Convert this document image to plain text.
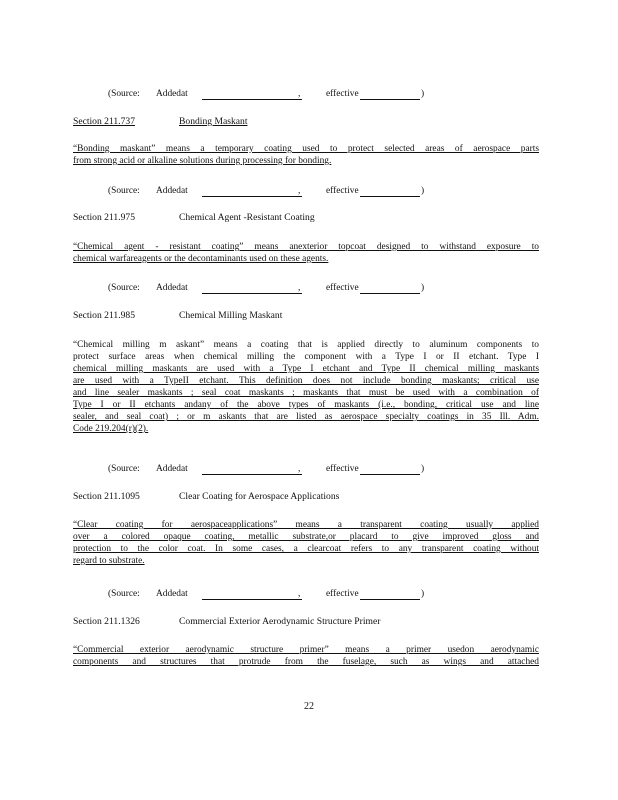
(Source: Addedat	,	effective	)
Section 211.737	Bonding Maskant
“Bonding maskant” means a temporary coating used to protect selected areas of aerospace parts
from strong acid or alkaline solutions during processing for bonding.
(Source: Addedat	,	effective	)
Section 211.975	Chemical Agent -Resistant Coating
“Chemical agent - resistant coating” means anexterior topcoat designed to withstand exposure to
chemical warfareagents or the decontaminants used on these agents.
(Source: Addedat	,	effective	)
Section 211.985	Chemical Milling Maskant
“Chemical milling m askant” means a coating that is applied directly to aluminum components to
protect surface areas when chemical milling the component with a Type I or II etchant. Type I
chemical milling maskants are used with a Type I etchant and Type II chemical milling maskants
are used with a TypeII etchant. This definition does not include bonding maskants; critical use
and line sealer maskants ; seal coat maskants ; maskants that must be used with a combination of
Type I or II etchants andany of the above types of maskants (i.e., bonding, critical use and line
sealer, and seal coat) ; or m askants that are listed as aerospace specialty coatings in 35 Ill. Adm.
Code 219.204(r)(2).
(Source: Addedat	,	effective	)
Section 211.1095	Clear Coating for Aerospace Applications
“Clear coating for aerospaceapplications” means a transparent coating usually applied
over a colored opaque coating, metallic substrate,or placard to give improved gloss and
protection to the color coat. In some cases, a clearcoat refers to any transparent coating without
regard to substrate.
(Source: Addedat	,	effective	)
Section 211.1326	Commercial Exterior Aerodynamic Structure Primer
“Commercial exterior aerodynamic structure primer” means a primer usedon aerodynamic
components and structures that protrude from the fuselage, such as wings and attached
22
